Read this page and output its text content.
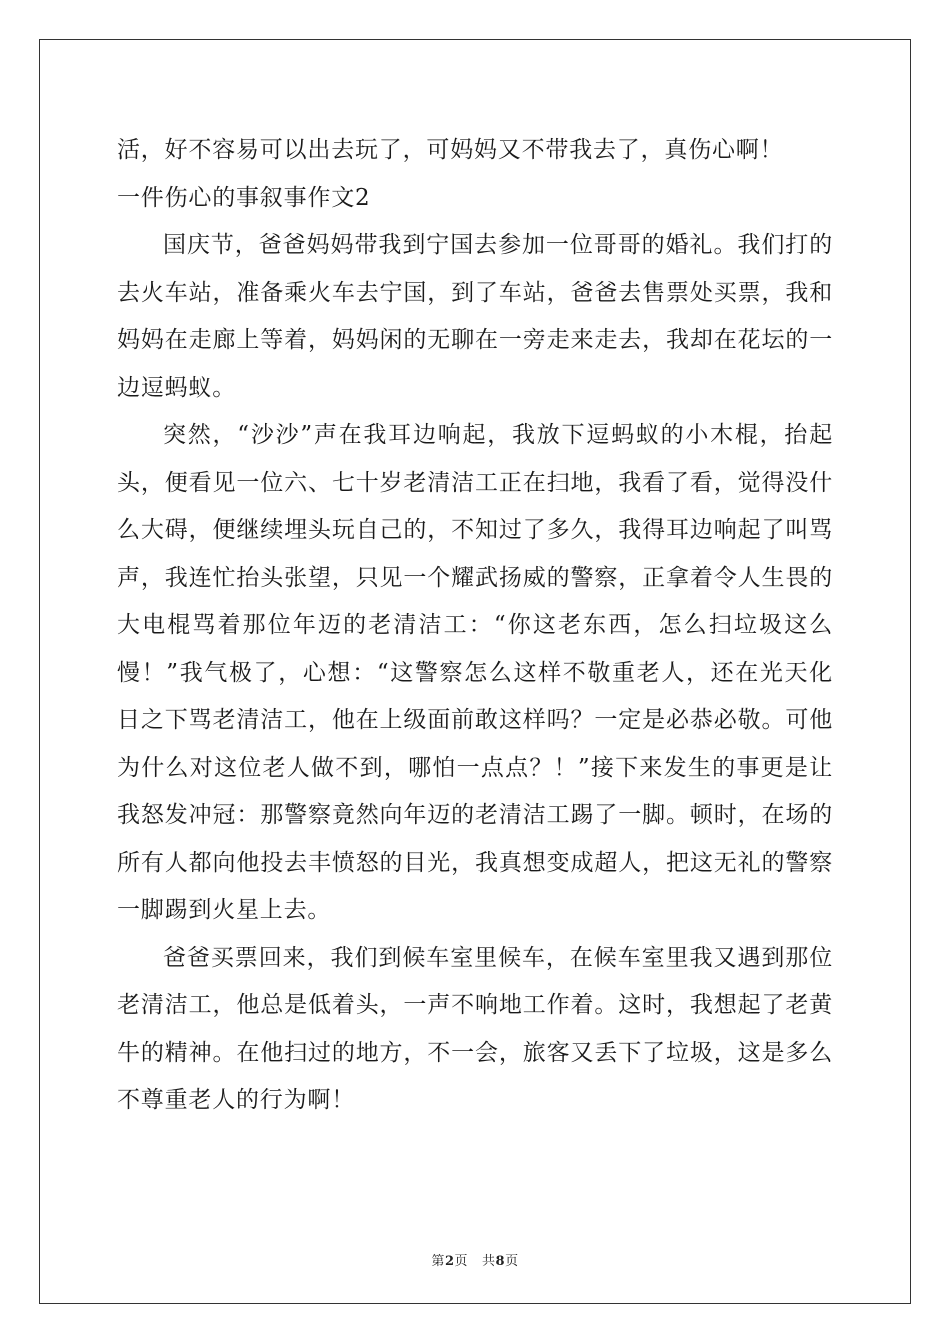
活，好不容易可以出去玩了，可妈妈又不带我去了，真伤心啊！
一件伤心的事叙事作文2
国庆节，爸爸妈妈带我到宁国去参加一位哥哥的婚礼。我们打的
去火车站，准备乘火车去宁国，到了车站，爸爸去售票处买票，我和
妈妈在走廊上等着，妈妈闲的无聊在一旁走来走去，我却在花坛的一
边逗蚂蚁。
突然，“沙沙”声在我耳边响起，我放下逗蚂蚁的小木棍，抬起
头，便看见一位六、七十岁老清洁工正在扫地，我看了看，觉得没什
么大碍，便继续埋头玩自己的，不知过了多久，我得耳边响起了叫骂
声，我连忙抬头张望，只见一个耀武扬威的警察，正拿着令人生畏的
大电棍骂着那位年迈的老清洁工：“你这老东西，怎么扫垃圾这么
慢！”我气极了，心想：“这警察怎么这样不敬重老人，还在光天化
日之下骂老清洁工，他在上级面前敢这样吗？一定是必恭必敬。可他
为什么对这位老人做不到，哪怕一点点？！”接下来发生的事更是让
我怒发冲冠：那警察竟然向年迈的老清洁工踢了一脚。顿时，在场的
所有人都向他投去丰愤怒的目光，我真想变成超人，把这无礼的警察
一脚踢到火星上去。
爸爸买票回来，我们到候车室里候车，在候车室里我又遇到那位
老清洁工，他总是低着头，一声不响地工作着。这时，我想起了老黄
牛的精神。在他扫过的地方，不一会，旅客又丢下了垃圾，这是多么
不尊重老人的行为啊！
第2页 共8页
